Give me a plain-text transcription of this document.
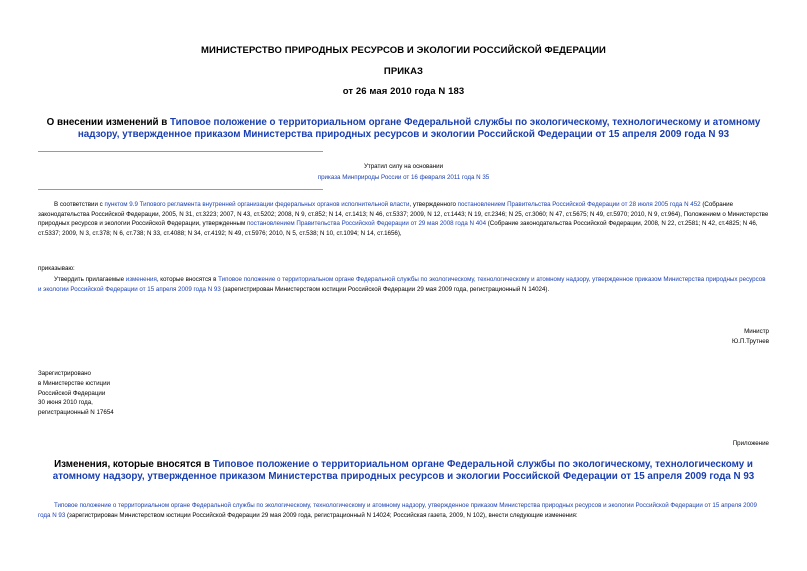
МИНИСТЕРСТВО ПРИРОДНЫХ РЕСУРСОВ И ЭКОЛОГИИ РОССИЙСКОЙ ФЕДЕРАЦИИ
ПРИКАЗ
от 26 мая 2010 года N 183
О внесении изменений в Типовое положение о территориальном органе Федеральной службы по экологическому, технологическому и атомному надзору, утвержденное приказом Министерства природных ресурсов и экологии Российской Федерации от 15 апреля 2009 года N 93
Утратил силу на основании
приказа Минприроды России от 16 февраля 2011 года N 35

В соответствии с пунктом 9.9 Типового регламента внутренней организации федеральных органов исполнительной власти, утвержденного постановлением Правительства Российской Федерации от 28 июля 2005 года N 452 (Собрание законодательства Российской Федерации, 2005, N 31, ст.3223; 2007, N 43, ст.5202; 2008, N 9, ст.852; N 14, ст.1413; N 46, ст.5337; 2009, N 12, ст.1443; N 19, ст.2346; N 25, ст.3060; N 47, ст.5675; N 49, ст.5970; 2010, N 9, ст.964), Положением о Министерстве природных ресурсов и экологии Российской Федерации, утвержденным постановлением Правительства Российской Федерации от 29 мая 2008 года N 404 (Собрание законодательства Российской Федерации, 2008, N 22, ст.2581; N 42, ст.4825; N 46, ст.5337; 2009, N 3, ст.378; N 6, ст.738; N 33, ст.4088; N 34, ст.4192; N 49, ст.5976; 2010, N 5, ст.538; N 10, ст.1094; N 14, ст.1656),

приказываю:

Утвердить прилагаемые изменения, которые вносятся в Типовое положение о территориальном органе Федеральной службы по экологическому, технологическому и атомному надзору, утвержденное приказом Министерства природных ресурсов и экологии Российской Федерации от 15 апреля 2009 года N 93 (зарегистрирован Министерством юстиции Российской Федерации 29 мая 2009 года, регистрационный N 14024).

Министр
Ю.П.Трутнев
Зарегистрировано
в Министерстве юстиции
Российской Федерации
30 июня 2010 года,
регистрационный N 17654
Приложение
Изменения, которые вносятся в Типовое положение о территориальном органе Федеральной службы по экологическому, технологическому и атомному надзору, утвержденное приказом Министерства природных ресурсов и экологии Российской Федерации от 15 апреля 2009 года N 93

Типовое положение о территориальном органе Федеральной службы по экологическому, технологическому и атомному надзору, утвержденное приказом Министерства природных ресурсов и экологии Российской Федерации от 15 апреля 2009 года N 93 (зарегистрирован Министерством юстиции Российской Федерации 29 мая 2009 года, регистрационный N 14024; Российская газета, 2009, N 102), внести следующие изменения:
